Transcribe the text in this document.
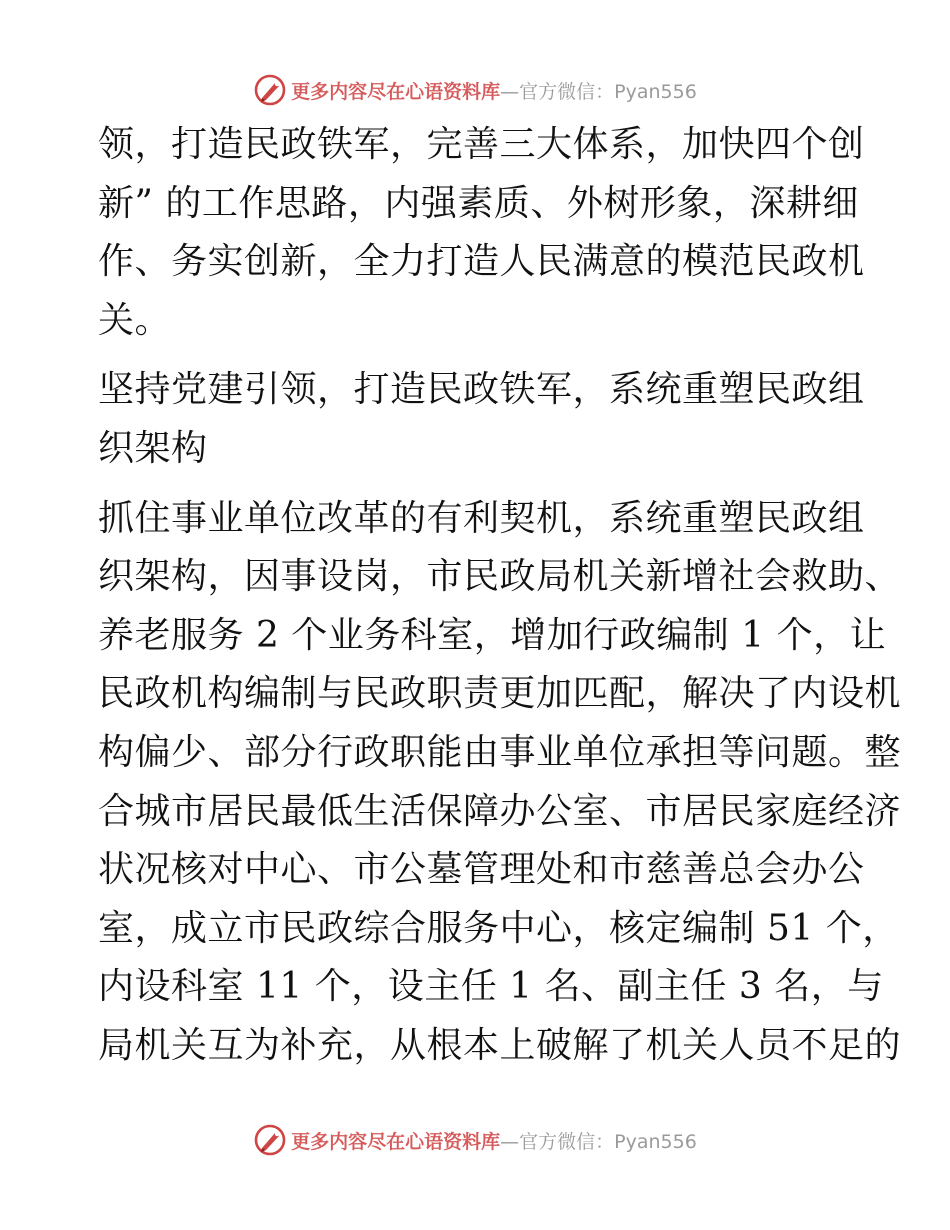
更多内容尽在心语资料库 —官方微信：Pyan556

领，打造民政铁军，完善三大体系，加快四个创
新” 的工作思路，内强素质、外树形象，深耕细
作、务实创新，全力打造人民满意的模范民政机
关。

坚持党建引领，打造民政铁军，系统重塑民政组
织架构

抓住事业单位改革的有利契机，系统重塑民政组
织架构，因事设岗，市民政局机关新增社会救助、
养老服务 2 个业务科室，增加行政编制 1 个，让
民政机构编制与民政职责更加匹配，解决了内设机
构偏少、部分行政职能由事业单位承担等问题。整
合城市居民最低生活保障办公室、市居民家庭经济
状况核对中心、市公墓管理处和市慈善总会办公
室，成立市民政综合服务中心，核定编制 51 个，
内设科室 11 个，设主任 1 名、副主任 3 名，与
局机关互为补充，从根本上破解了机关人员不足的

更多内容尽在心语资料库 —官方微信：Pyan556
